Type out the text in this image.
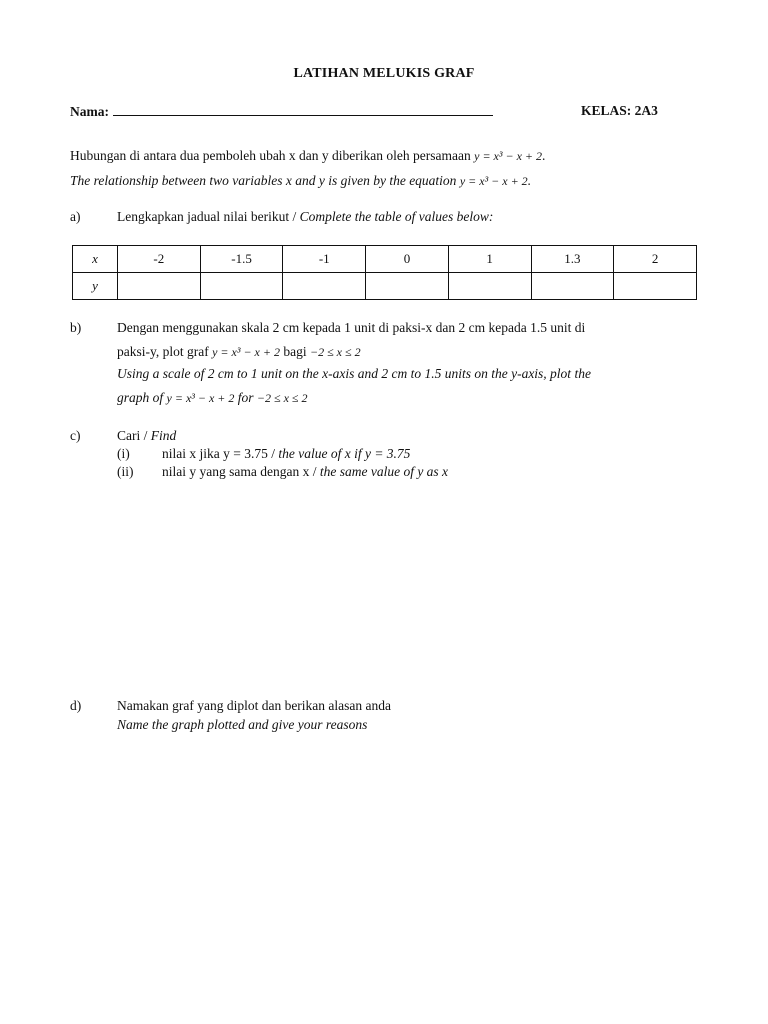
LATIHAN MELUKIS GRAF
Nama:	KELAS: 2A3
Hubungan di antara dua pemboleh ubah x dan y diberikan oleh persamaan y = x³ − x + 2.
The relationship between two variables x and y is given by the equation y = x³ − x + 2.
a)	Lengkapkan jadual nilai berikut / Complete the table of values below:
x	-2	-1.5	-1	0	1	1.3	2
y							
b)	Dengan menggunakan skala 2 cm kepada 1 unit di paksi-x dan 2 cm kepada 1.5 unit di
paksi-y, plot graf y = x³ − x + 2 bagi −2 ≤ x ≤ 2
Using a scale of 2 cm to 1 unit on the x-axis and 2 cm to 1.5 units on the y-axis, plot the
graph of y = x³ − x + 2 for −2 ≤ x ≤ 2
c)	Cari / Find
(i) nilai x jika y = 3.75 / the value of x if y = 3.75
(ii) nilai y yang sama dengan x / the same value of y as x
d)	Namakan graf yang diplot dan berikan alasan anda
Name the graph plotted and give your reasons
